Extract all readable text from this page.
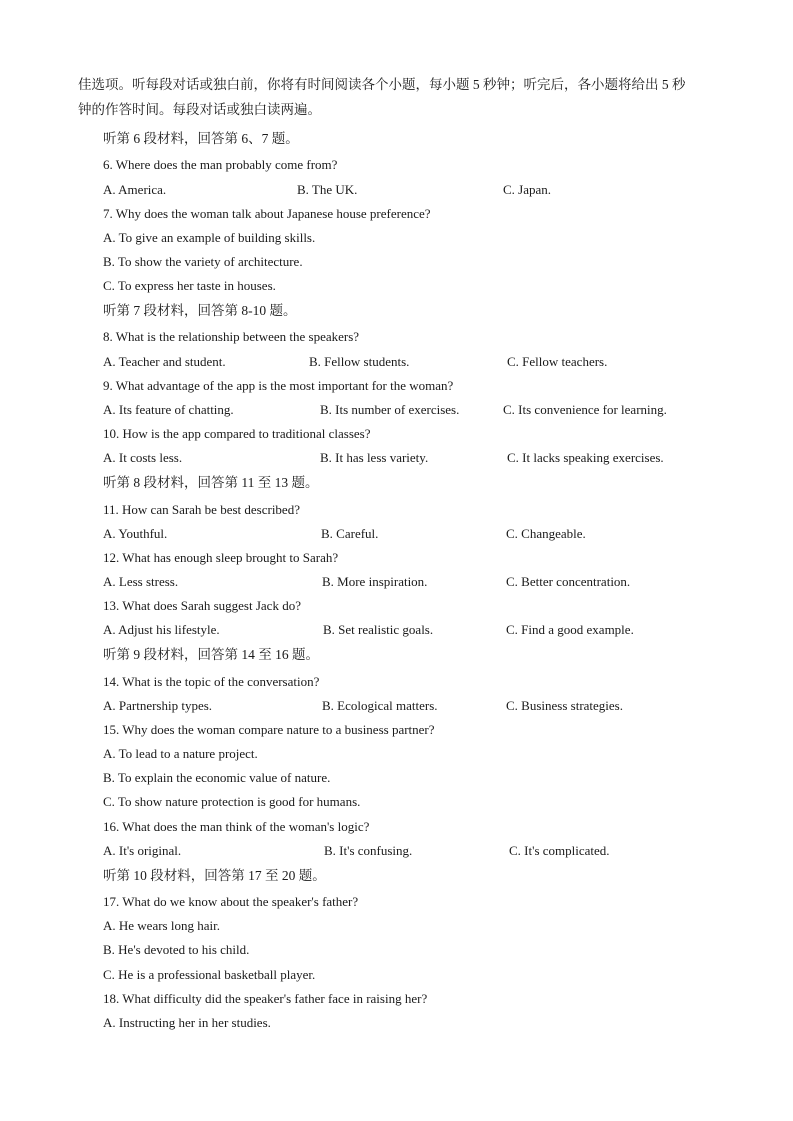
佳选项。听每段对话或独白前，你将有时间阅读各个小题，每小题 5 秒钟；听完后，各小题将给出 5 秒
钟的作答时间。每段对话或独白读两遍。
听第 6 段材料，回答第 6、7 题。
6. Where does the man probably come from?
A. America.	B. The UK.	C. Japan.
7. Why does the woman talk about Japanese house preference?
A. To give an example of building skills.
B. To show the variety of architecture.
C. To express her taste in houses.
听第 7 段材料，回答第 8-10 题。
8. What is the relationship between the speakers?
A. Teacher and student.	B. Fellow students.	C. Fellow teachers.
9. What advantage of the app is the most important for the woman?
A. Its feature of chatting.	B. Its number of exercises.	C. Its convenience for learning.
10. How is the app compared to traditional classes?
A. It costs less.	B. It has less variety.	C. It lacks speaking exercises.
听第 8 段材料，回答第 11 至 13 题。
11. How can Sarah be best described?
A. Youthful.	B. Careful.	C. Changeable.
12. What has enough sleep brought to Sarah?
A. Less stress.	B. More inspiration.	C. Better concentration.
13. What does Sarah suggest Jack do?
A. Adjust his lifestyle.	B. Set realistic goals.	C. Find a good example.
听第 9 段材料，回答第 14 至 16 题。
14. What is the topic of the conversation?
A. Partnership types.	B. Ecological matters.	C. Business strategies.
15. Why does the woman compare nature to a business partner?
A. To lead to a nature project.
B. To explain the economic value of nature.
C. To show nature protection is good for humans.
16. What does the man think of the woman's logic?
A. It's original.	B. It's confusing.	C. It's complicated.
听第 10 段材料，回答第 17 至 20 题。
17. What do we know about the speaker's father?
A. He wears long hair.
B. He's devoted to his child.
C. He is a professional basketball player.
18. What difficulty did the speaker's father face in raising her?
A. Instructing her in her studies.
